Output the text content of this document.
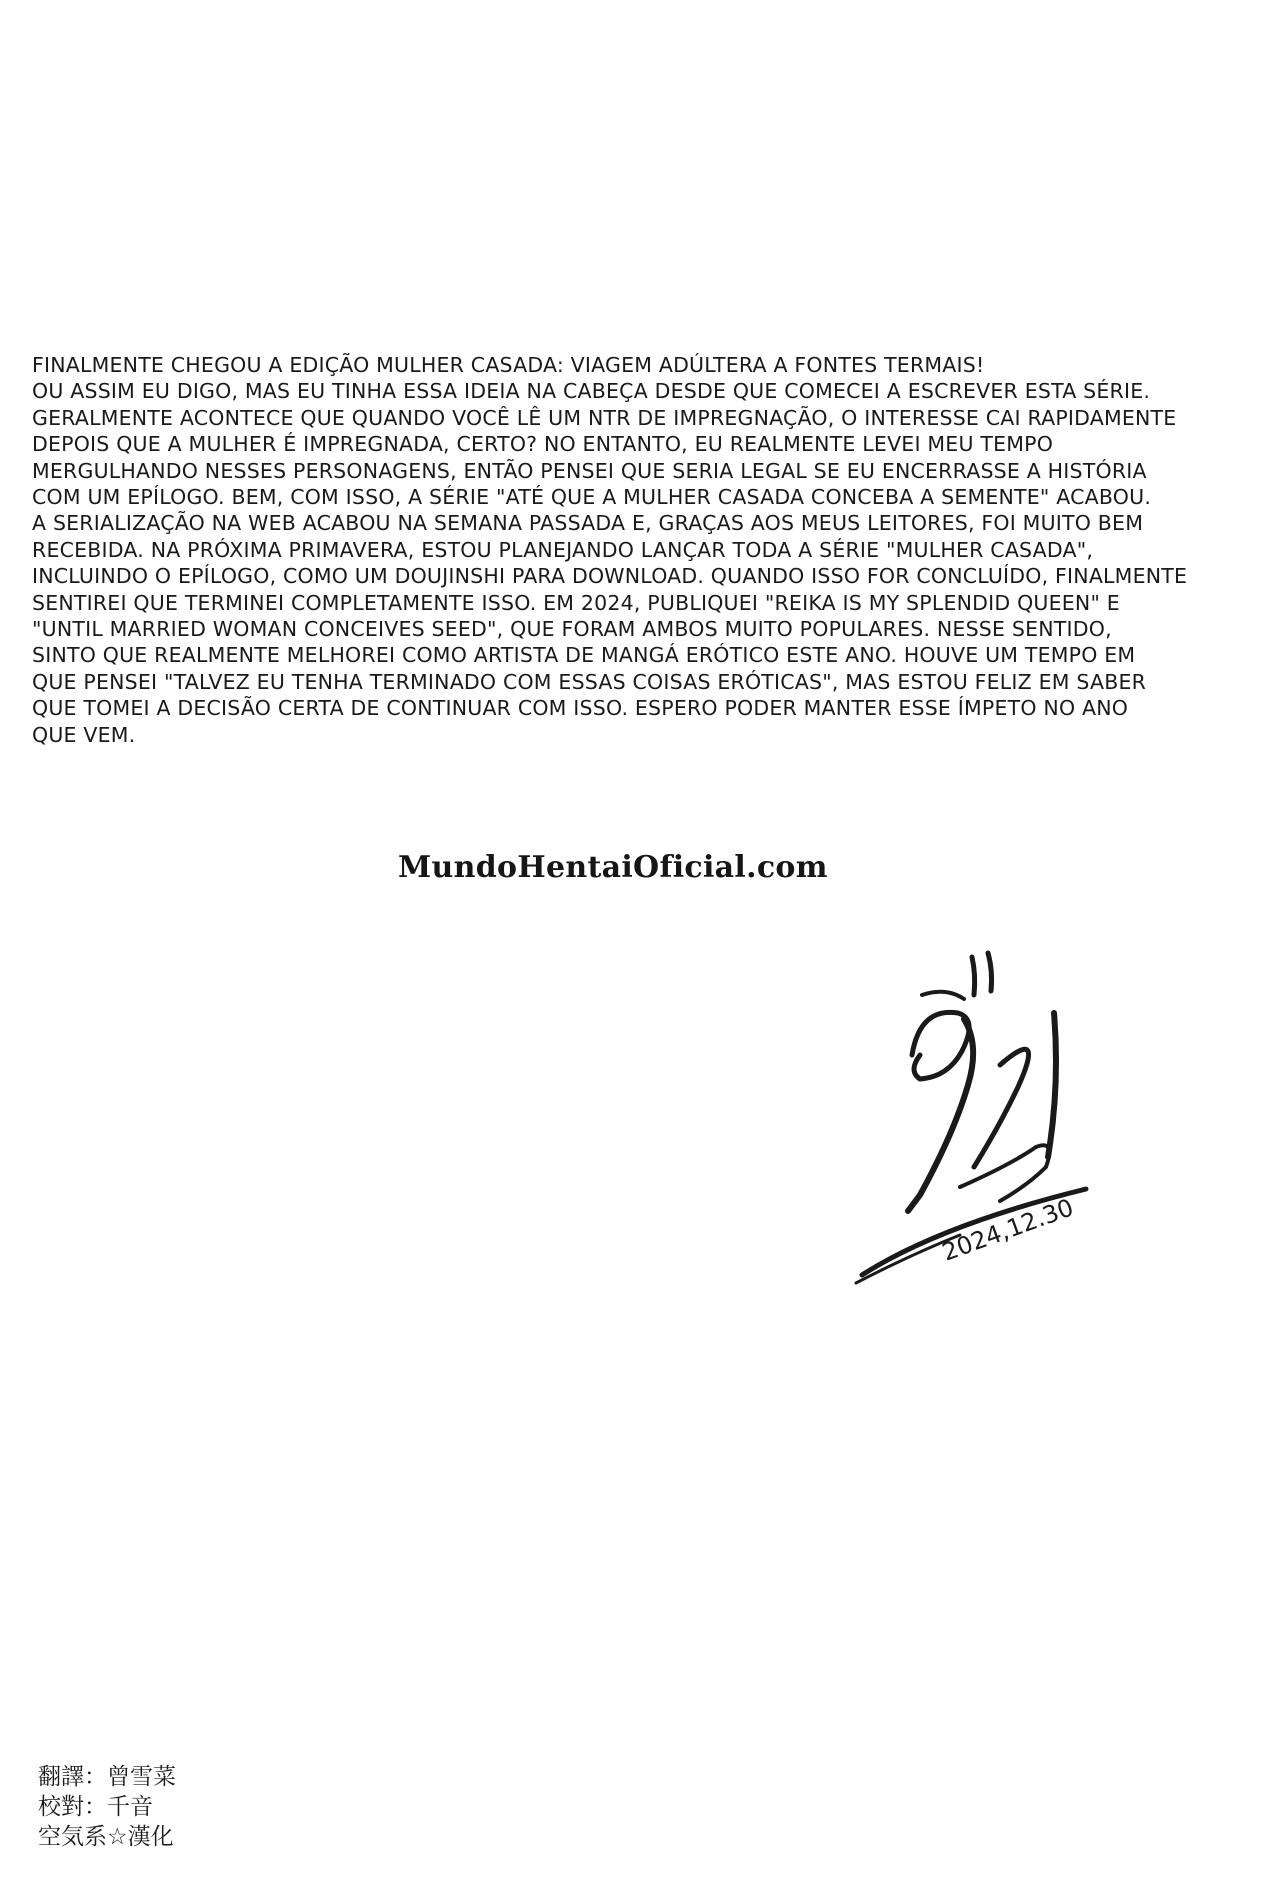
FINALMENTE CHEGOU A EDIÇÃO MULHER CASADA: VIAGEM ADÚLTERA A FONTES TERMAIS!
OU ASSIM EU DIGO, MAS EU TINHA ESSA IDEIA NA CABEÇA DESDE QUE COMECEI A ESCREVER ESTA SÉRIE.
GERALMENTE ACONTECE QUE QUANDO VOCÊ LÊ UM NTR DE IMPREGNAÇÃO, O INTERESSE CAI RAPIDAMENTE
DEPOIS QUE A MULHER É IMPREGNADA, CERTO? NO ENTANTO, EU REALMENTE LEVEI MEU TEMPO
MERGULHANDO NESSES PERSONAGENS, ENTÃO PENSEI QUE SERIA LEGAL SE EU ENCERRASSE A HISTÓRIA
COM UM EPÍLOGO. BEM, COM ISSO, A SÉRIE "ATÉ QUE A MULHER CASADA CONCEBA A SEMENTE" ACABOU.
A SERIALIZAÇÃO NA WEB ACABOU NA SEMANA PASSADA E, GRAÇAS AOS MEUS LEITORES, FOI MUITO BEM
RECEBIDA. NA PRÓXIMA PRIMAVERA, ESTOU PLANEJANDO LANÇAR TODA A SÉRIE "MULHER CASADA",
INCLUINDO O EPÍLOGO, COMO UM DOUJINSHI PARA DOWNLOAD. QUANDO ISSO FOR CONCLUÍDO, FINALMENTE
SENTIREI QUE TERMINEI COMPLETAMENTE ISSO. EM 2024, PUBLIQUEI "REIKA IS MY SPLENDID QUEEN" E
"UNTIL MARRIED WOMAN CONCEIVES SEED", QUE FORAM AMBOS MUITO POPULARES. NESSE SENTIDO,
SINTO QUE REALMENTE MELHOREI COMO ARTISTA DE MANGÁ ERÓTICO ESTE ANO. HOUVE UM TEMPO EM
QUE PENSEI "TALVEZ EU TENHA TERMINADO COM ESSAS COISAS ERÓTICAS", MAS ESTOU FELIZ EM SABER
QUE TOMEI A DECISÃO CERTA DE CONTINUAR COM ISSO. ESPERO PODER MANTER ESSE ÍMPETO NO ANO
QUE VEM.
MundoHentaiOficial.com
2024,12.30
翻譯：曾雪菜
校對：千音
空気系☆漢化
